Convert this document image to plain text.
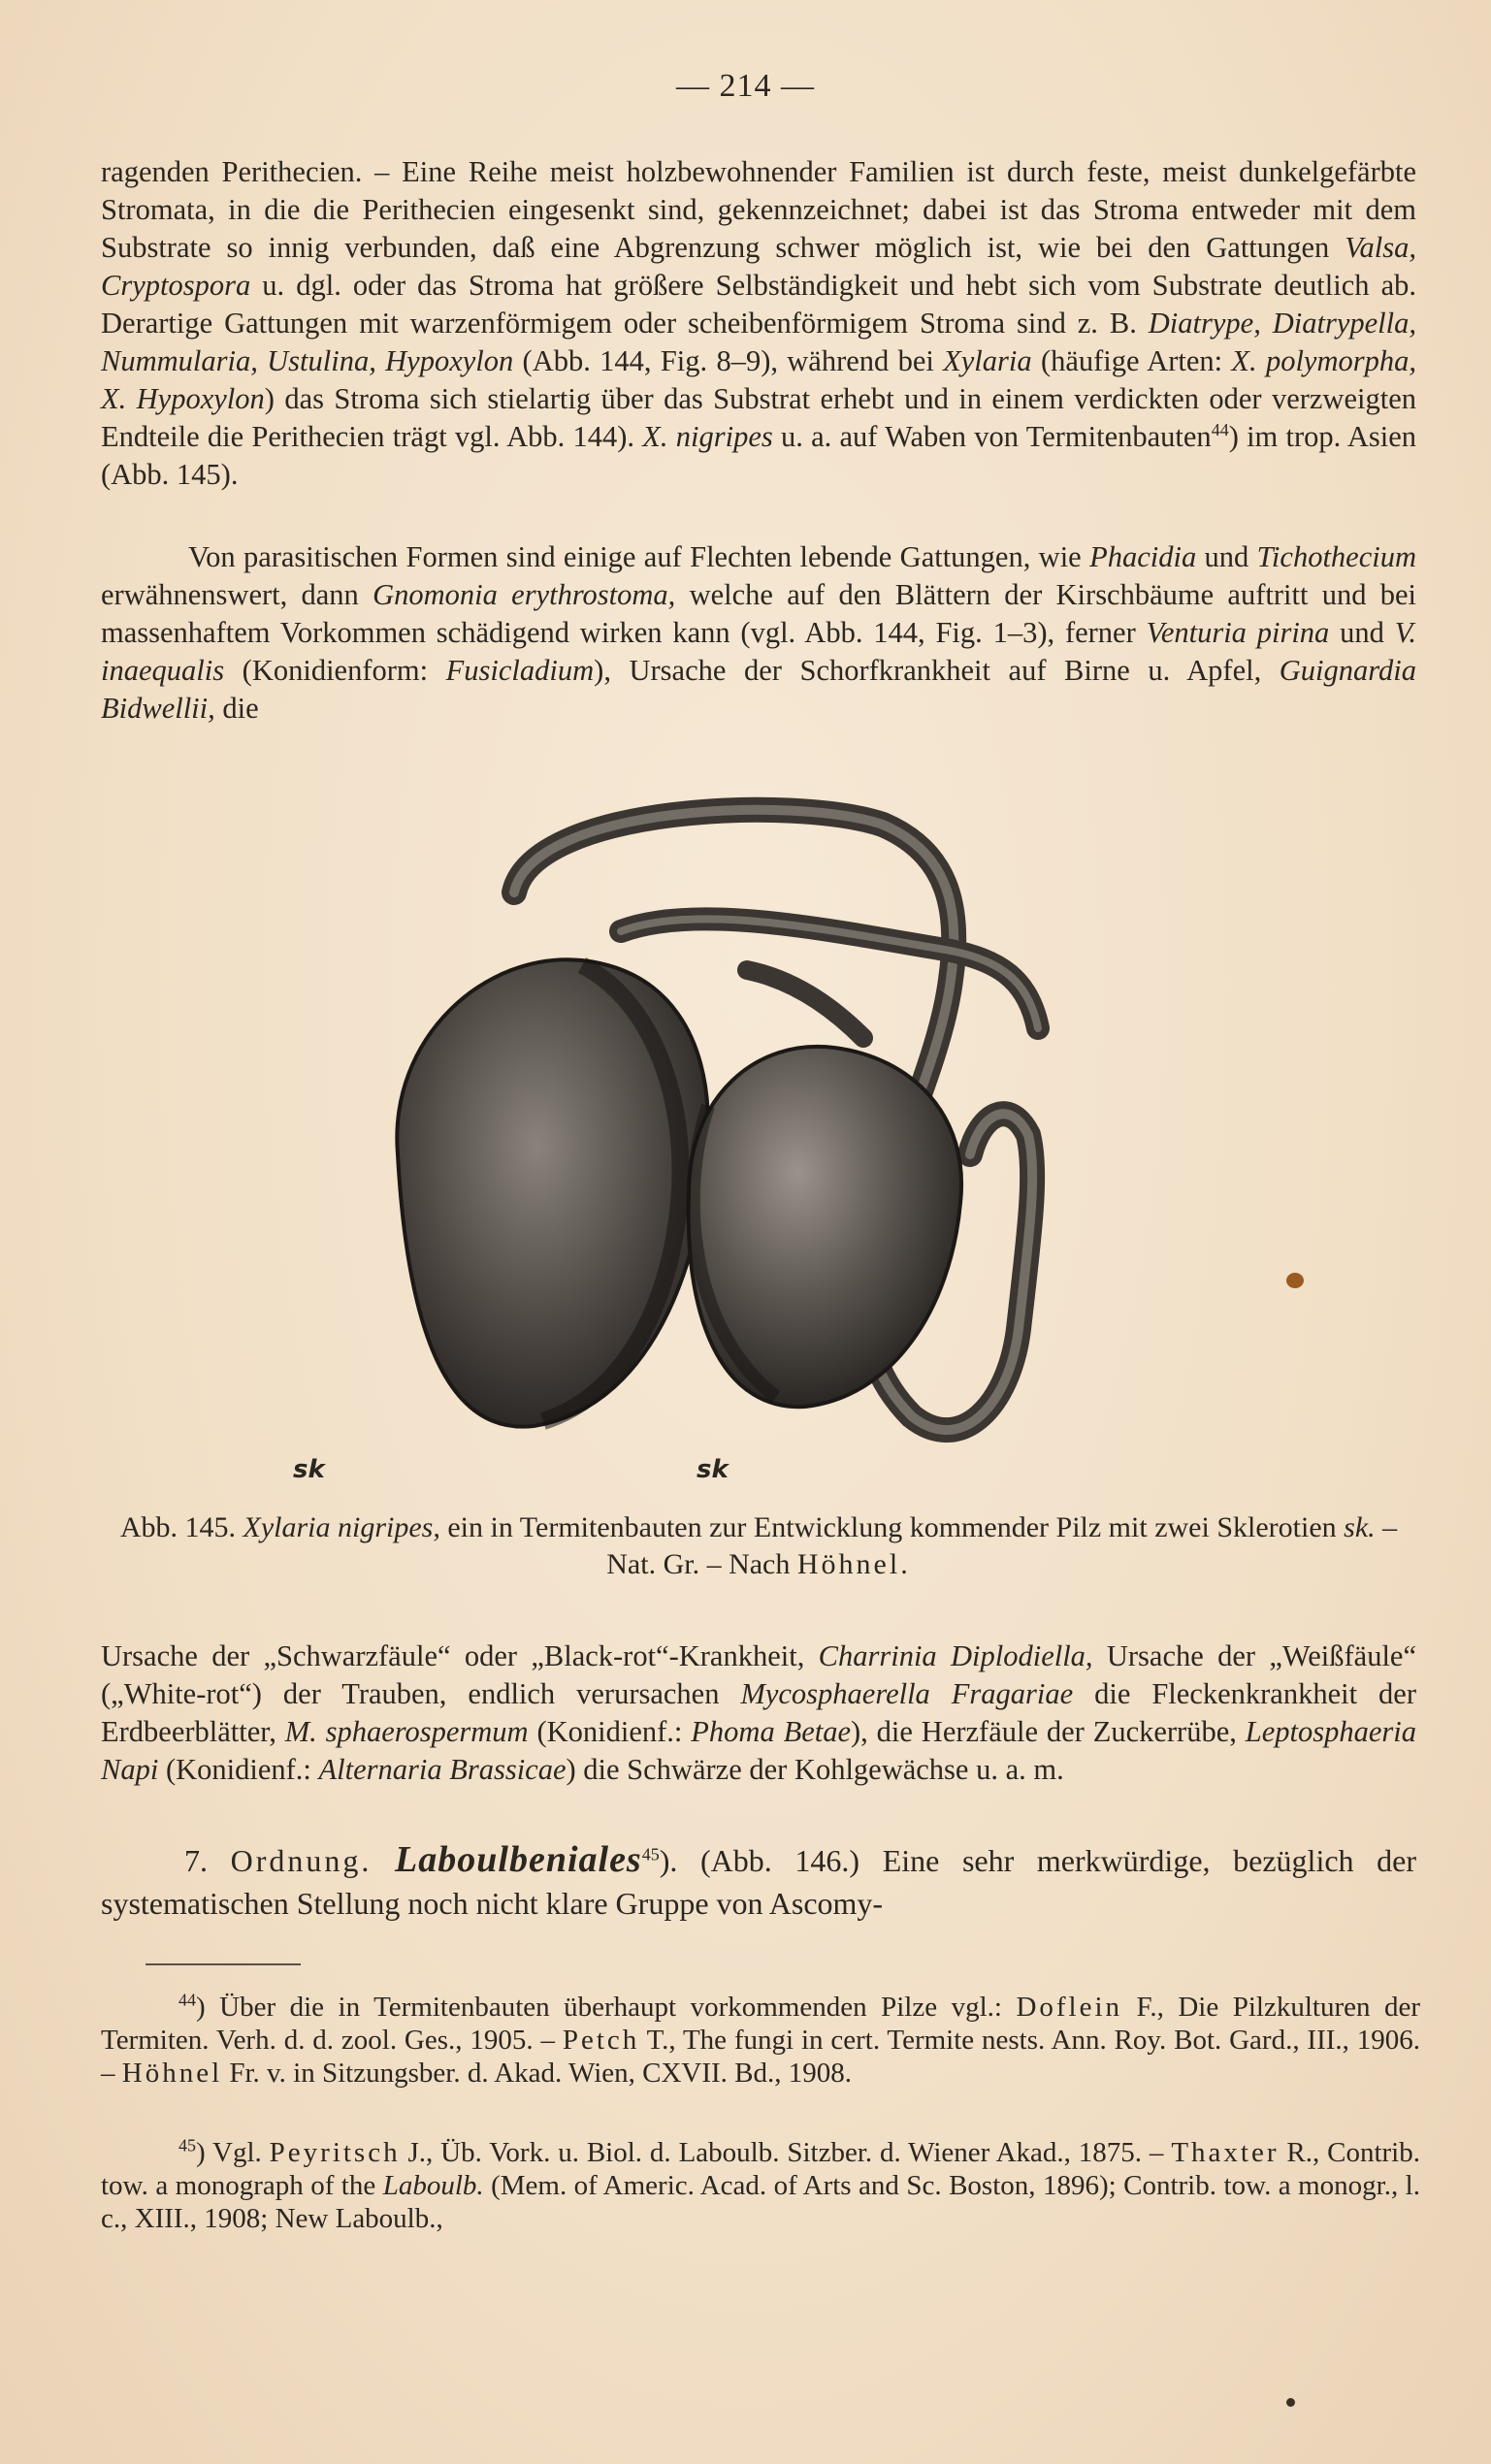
— 214 —

ragenden Perithecien. – Eine Reihe meist holzbewohnender Familien ist durch feste, meist dunkelgefärbte Stromata, in die die Perithecien eingesenkt sind, gekennzeichnet; dabei ist das Stroma entweder mit dem Substrate so innig verbunden, daß eine Abgrenzung schwer möglich ist, wie bei den Gattungen Valsa, Cryptospora u. dgl. oder das Stroma hat größere Selbständigkeit und hebt sich vom Substrate deutlich ab. Derartige Gattungen mit warzenförmigem oder scheibenförmigem Stroma sind z. B. Diatrype, Diatrypella, Nummularia, Ustulina, Hypoxylon (Abb. 144, Fig. 8–9), während bei Xylaria (häufige Arten: X. polymorpha, X. Hypoxylon) das Stroma sich stielartig über das Substrat erhebt und in einem verdickten oder verzweigten Endteile die Perithecien trägt vgl. Abb. 144). X. nigripes u. a. auf Waben von Termitenbauten$^{44}$) im trop. Asien (Abb. 145).

Von parasitischen Formen sind einige auf Flechten lebende Gattungen, wie Phacidia und Tichothecium erwähnenswert, dann Gnomonia erythrostoma, welche auf den Blättern der Kirschbäume auftritt und bei massenhaftem Vorkommen schädigend wirken kann (vgl. Abb. 144, Fig. 1–3), ferner Venturia pirina und V. inaequalis (Konidienform: Fusicladium), Ursache der Schorfkrankheit auf Birne u. Apfel, Guignardia Bidwellii, die

sk	sk

Abb. 145. Xylaria nigripes, ein in Termitenbauten zur Entwicklung kommender Pilz mit zwei Sklerotien sk. – Nat. Gr. – Nach Höhnel.

Ursache der „Schwarzfäule“ oder „Black-rot“-Krankheit, Charrinia Diplodiella, Ursache der „Weißfäule“ („White-rot“) der Trauben, endlich verursachen Mycosphaerella Fragariae die Fleckenkrankheit der Erdbeerblätter, M. sphaerospermum (Konidienf.: Phoma Betae), die Herzfäule der Zuckerrübe, Leptosphaeria Napi (Konidienf.: Alternaria Brassicae) die Schwärze der Kohlgewächse u. a. m.

7. Ordnung. Laboulbeniales$^{45}$). (Abb. 146.) Eine sehr merkwürdige, bezüglich der systematischen Stellung noch nicht klare Gruppe von Ascomy-

$^{44}$) Über die in Termitenbauten überhaupt vorkommenden Pilze vgl.: Doflein F., Die Pilzkulturen der Termiten. Verh. d. d. zool. Ges., 1905. – Petch T., The fungi in cert. Termite nests. Ann. Roy. Bot. Gard., III., 1906. – Höhnel Fr. v. in Sitzungsber. d. Akad. Wien, CXVII. Bd., 1908.

$^{45}$) Vgl. Peyritsch J., Üb. Vork. u. Biol. d. Laboulb. Sitzber. d. Wiener Akad., 1875. – Thaxter R., Contrib. tow. a monograph of the Laboulb. (Mem. of Americ. Acad. of Arts and Sc. Boston, 1896); Contrib. tow. a monogr., l. c., XIII., 1908; New Laboulb.,
